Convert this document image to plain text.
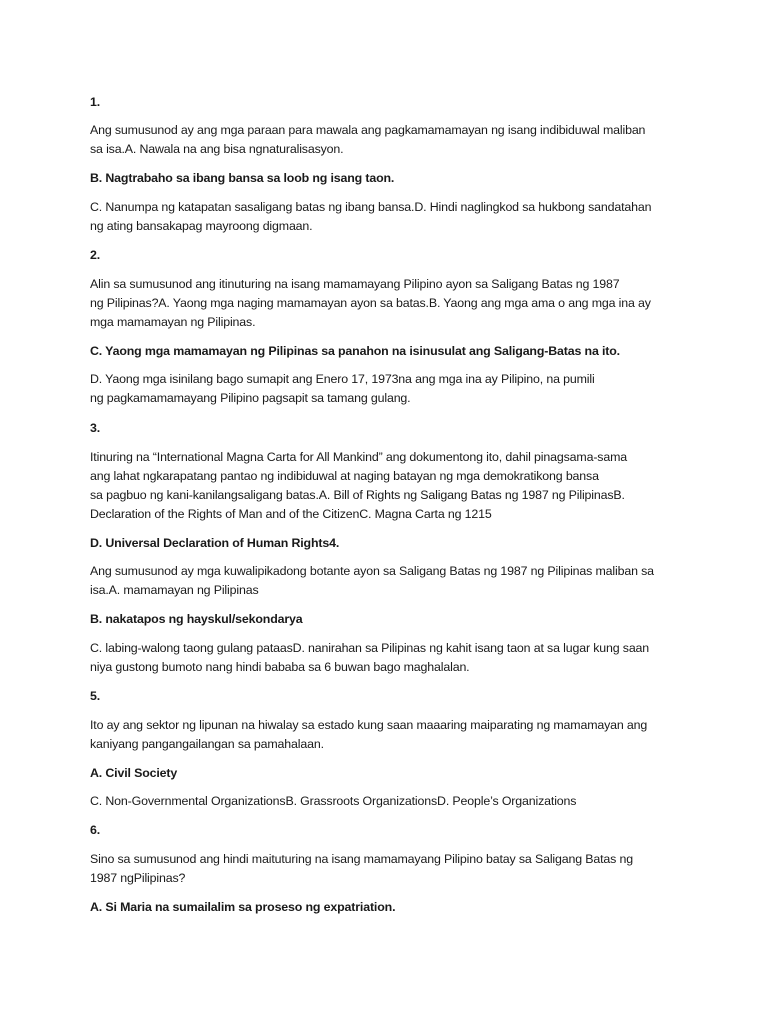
1.
Ang sumusunod ay ang mga paraan para mawala ang pagkamamamayan ng isang indibiduwal maliban
sa isa.A. Nawala na ang bisa ngnaturalisasyon.
B. Nagtrabaho sa ibang bansa sa loob ng isang taon.
C. Nanumpa ng katapatan sasaligang batas ng ibang bansa.D. Hindi naglingkod sa hukbong sandatahan
ng ating bansakapag mayroong digmaan.
2.
Alin sa sumusunod ang itinuturing na isang mamamayang Pilipino ayon sa Saligang Batas ng 1987
ng Pilipinas?A. Yaong mga naging mamamayan ayon sa batas.B. Yaong ang mga ama o ang mga ina ay
mga mamamayan ng Pilipinas.
C. Yaong mga mamamayan ng Pilipinas sa panahon na isinusulat ang Saligang-Batas na ito.
D. Yaong mga isinilang bago sumapit ang Enero 17, 1973na ang mga ina ay Pilipino, na pumili
ng pagkamamamayang Pilipino pagsapit sa tamang gulang.
3.
Itinuring na “International Magna Carta for All Mankind” ang dokumentong ito, dahil pinagsama-sama
ang lahat ngkarapatang pantao ng indibiduwal at naging batayan ng mga demokratikong bansa
sa pagbuo ng kani-kanilangsaligang batas.A. Bill of Rights ng Saligang Batas ng 1987 ng PilipinasB.
Declaration of the Rights of Man and of the CitizenC. Magna Carta ng 1215
D. Universal Declaration of Human Rights4.
Ang sumusunod ay mga kuwalipikadong botante ayon sa Saligang Batas ng 1987 ng Pilipinas maliban sa
isa.A. mamamayan ng Pilipinas
B. nakatapos ng hayskul/sekondarya
C. labing-walong taong gulang pataasD. nanirahan sa Pilipinas ng kahit isang taon at sa lugar kung saan
niya gustong bumoto nang hindi bababa sa 6 buwan bago maghalalan.
5.
Ito ay ang sektor ng lipunan na hiwalay sa estado kung saan maaaring maiparating ng mamamayan ang
kaniyang pangangailangan sa pamahalaan.
A. Civil Society
C. Non-Governmental OrganizationsB. Grassroots OrganizationsD. People’s Organizations
6.
Sino sa sumusunod ang hindi maituturing na isang mamamayang Pilipino batay sa Saligang Batas ng
1987 ngPilipinas?
A. Si Maria na sumailalim sa proseso ng expatriation.
